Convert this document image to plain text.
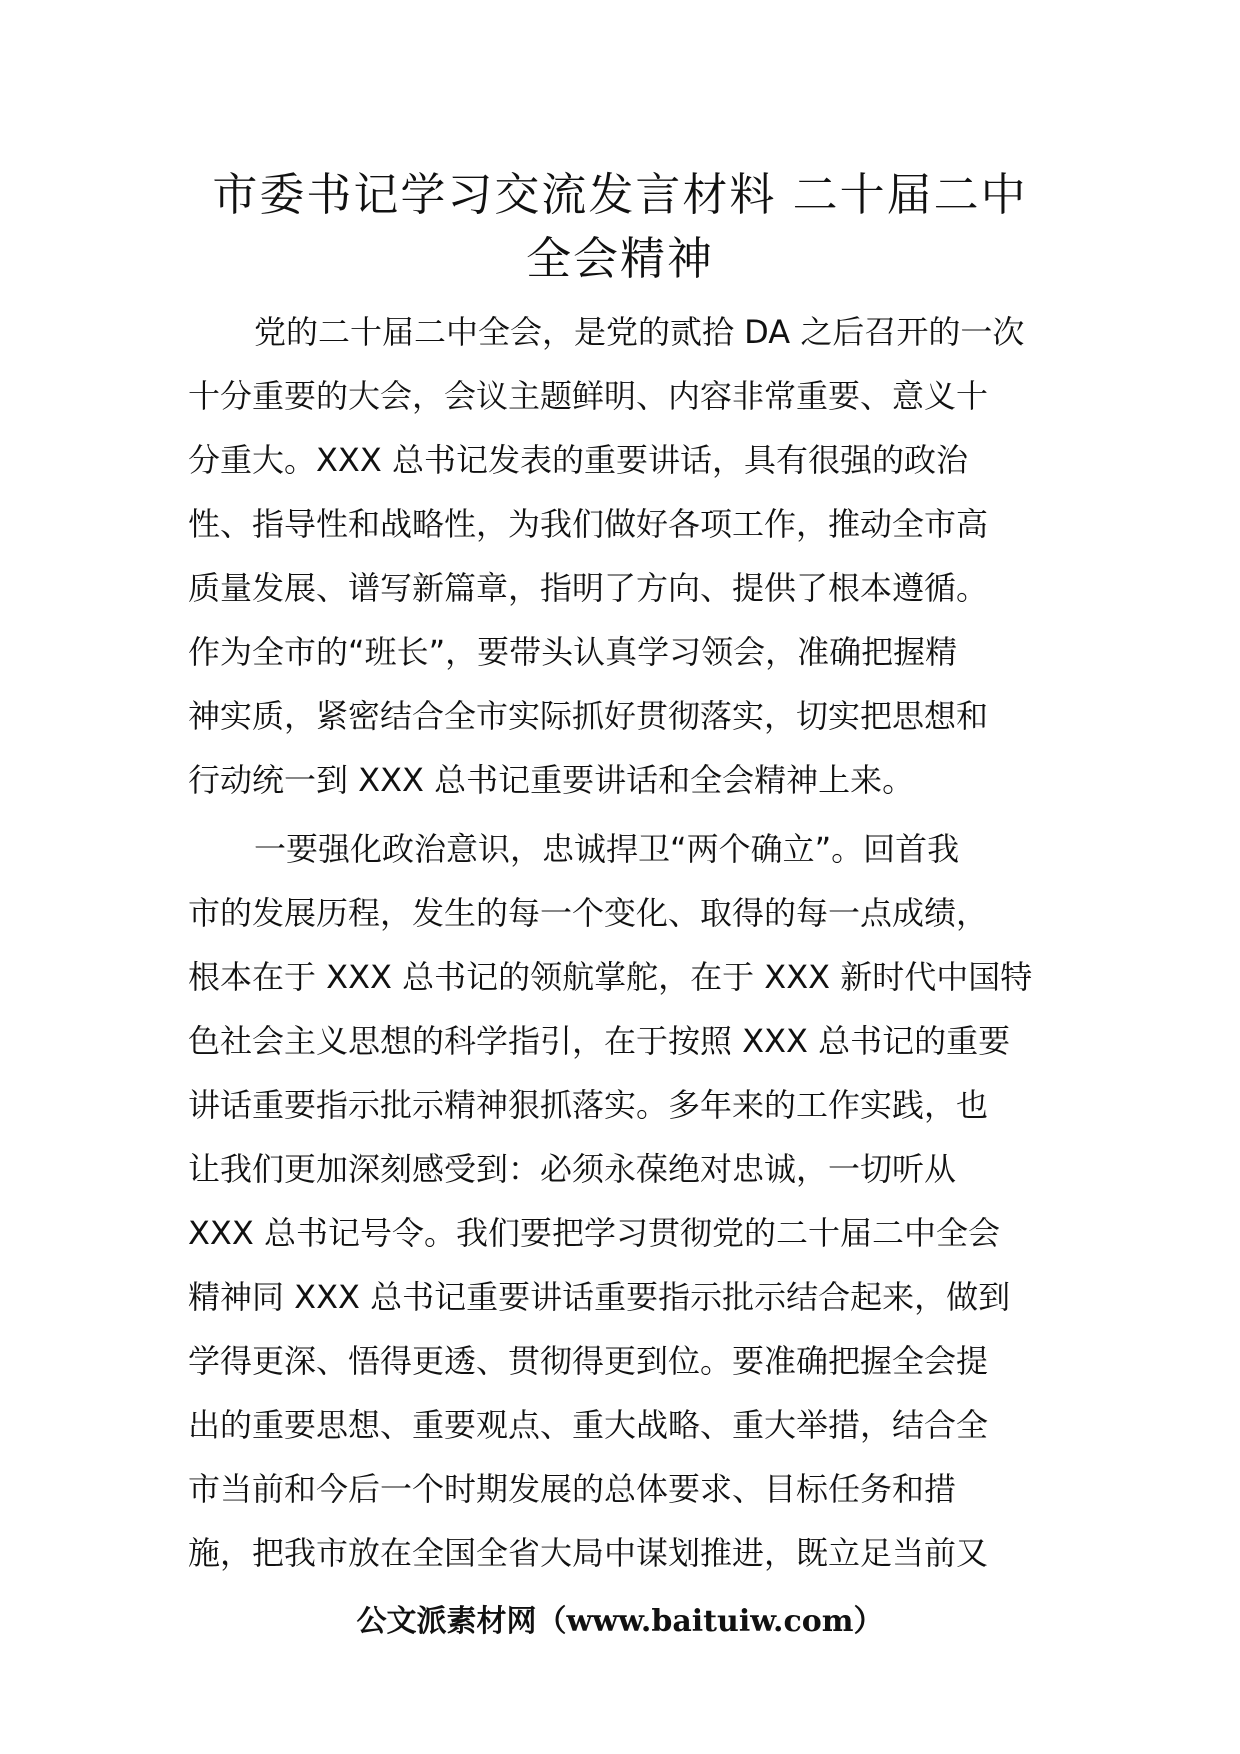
市委书记学习交流发言材料 二十届二中
全会精神
党的二十届二中全会，是党的贰拾 DA 之后召开的一次
十分重要的大会，会议主题鲜明、内容非常重要、意义十
分重大。XXX 总书记发表的重要讲话，具有很强的政治
性、指导性和战略性，为我们做好各项工作，推动全市高
质量发展、谱写新篇章，指明了方向、提供了根本遵循。
作为全市的“班长”，要带头认真学习领会，准确把握精
神实质，紧密结合全市实际抓好贯彻落实，切实把思想和
行动统一到 XXX 总书记重要讲话和全会精神上来。
一要强化政治意识，忠诚捍卫“两个确立”。回首我
市的发展历程，发生的每一个变化、取得的每一点成绩，
根本在于 XXX 总书记的领航掌舵，在于 XXX 新时代中国特
色社会主义思想的科学指引，在于按照 XXX 总书记的重要
讲话重要指示批示精神狠抓落实。多年来的工作实践，也
让我们更加深刻感受到：必须永葆绝对忠诚，一切听从
XXX 总书记号令。我们要把学习贯彻党的二十届二中全会
精神同 XXX 总书记重要讲话重要指示批示结合起来，做到
学得更深、悟得更透、贯彻得更到位。要准确把握全会提
出的重要思想、重要观点、重大战略、重大举措，结合全
市当前和今后一个时期发展的总体要求、目标任务和措
施，把我市放在全国全省大局中谋划推进，既立足当前又
公文派素材网（www.baituiw.com）
